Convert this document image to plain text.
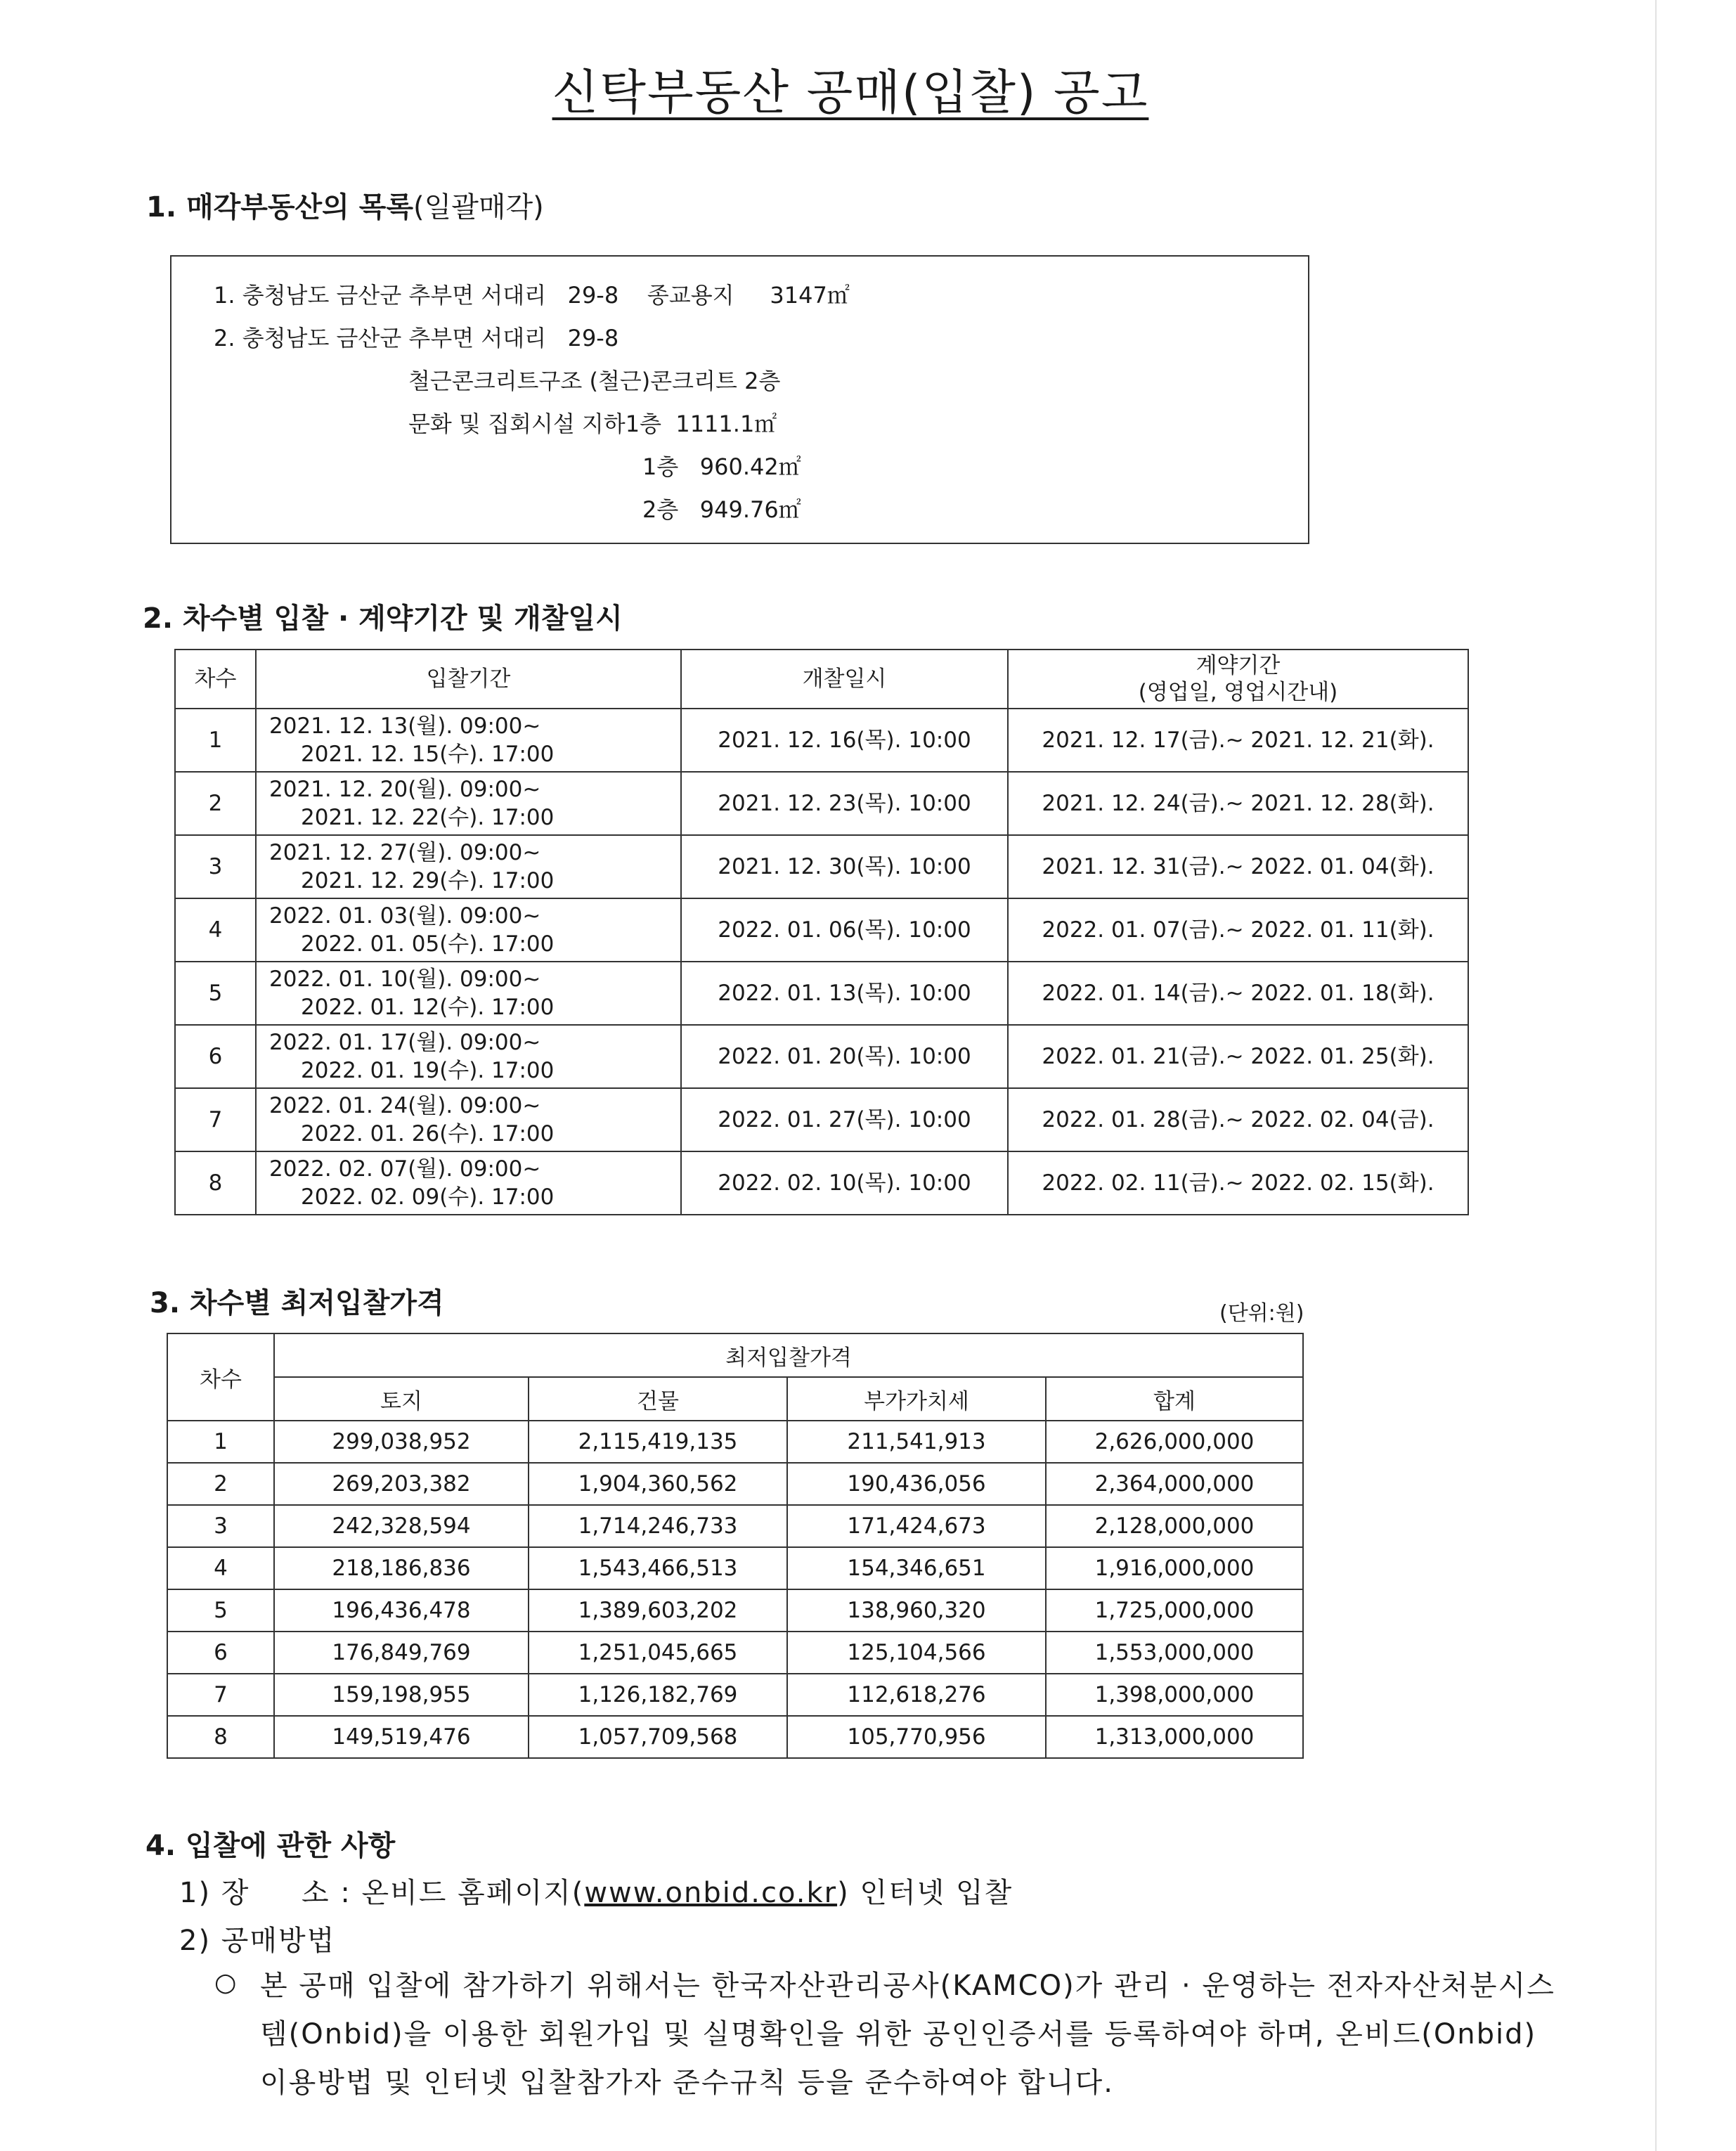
신탁부동산 공매(입찰) 공고
1. 매각부동산의 목록(일괄매각)
1. 충청남도 금산군 추부면 서대리   29-8    종교용지     3147㎡
2. 충청남도 금산군 추부면 서대리   29-8
철근콘크리트구조 (철근)콘크리트 2층
문화 및 집회시설 지하1층  1111.1㎡
1층   960.42㎡
2층   949.76㎡
2. 차수별 입찰 · 계약기간 및 개찰일시
차수	입찰기간	개찰일시	계약기간
(영업일, 영업시간내)

1	2021. 12. 13(월). 09:00~
2021. 12. 15(수). 17:00	2021. 12. 16(목). 10:00	2021. 12. 17(금).~ 2021. 12. 21(화).
2	2021. 12. 20(월). 09:00~
2021. 12. 22(수). 17:00	2021. 12. 23(목). 10:00	2021. 12. 24(금).~ 2021. 12. 28(화).
3	2021. 12. 27(월). 09:00~
2021. 12. 29(수). 17:00	2021. 12. 30(목). 10:00	2021. 12. 31(금).~ 2022. 01. 04(화).
4	2022. 01. 03(월). 09:00~
2022. 01. 05(수). 17:00	2022. 01. 06(목). 10:00	2022. 01. 07(금).~ 2022. 01. 11(화).
5	2022. 01. 10(월). 09:00~
2022. 01. 12(수). 17:00	2022. 01. 13(목). 10:00	2022. 01. 14(금).~ 2022. 01. 18(화).
6	2022. 01. 17(월). 09:00~
2022. 01. 19(수). 17:00	2022. 01. 20(목). 10:00	2022. 01. 21(금).~ 2022. 01. 25(화).
7	2022. 01. 24(월). 09:00~
2022. 01. 26(수). 17:00	2022. 01. 27(목). 10:00	2022. 01. 28(금).~ 2022. 02. 04(금).
8	2022. 02. 07(월). 09:00~
2022. 02. 09(수). 17:00	2022. 02. 10(목). 10:00	2022. 02. 11(금).~ 2022. 02. 15(화).
3. 차수별 최저입찰가격	(단위:원)
차수	최저입찰가격			
	토지	건물	부가가치세	합계
1	299,038,952	2,115,419,135	211,541,913	2,626,000,000
2	269,203,382	1,904,360,562	190,436,056	2,364,000,000
3	242,328,594	1,714,246,733	171,424,673	2,128,000,000
4	218,186,836	1,543,466,513	154,346,651	1,916,000,000
5	196,436,478	1,389,603,202	138,960,320	1,725,000,000
6	176,849,769	1,251,045,665	125,104,566	1,553,000,000
7	159,198,955	1,126,182,769	112,618,276	1,398,000,000
8	149,519,476	1,057,709,568	105,770,956	1,313,000,000
4. 입찰에 관한 사항
1) 장     소 : 온비드 홈페이지(www.onbid.co.kr) 인터넷 입찰
2) 공매방법
○ 본 공매 입찰에 참가하기 위해서는 한국자산관리공사(KAMCO)가 관리 · 운영하는 전자자산처분시스템(Onbid)을 이용한 회원가입 및 실명확인을 위한 공인인증서를 등록하여야 하며, 온비드(Onbid) 이용방법 및 인터넷 입찰참가자 준수규칙 등을 준수하여야 합니다.
